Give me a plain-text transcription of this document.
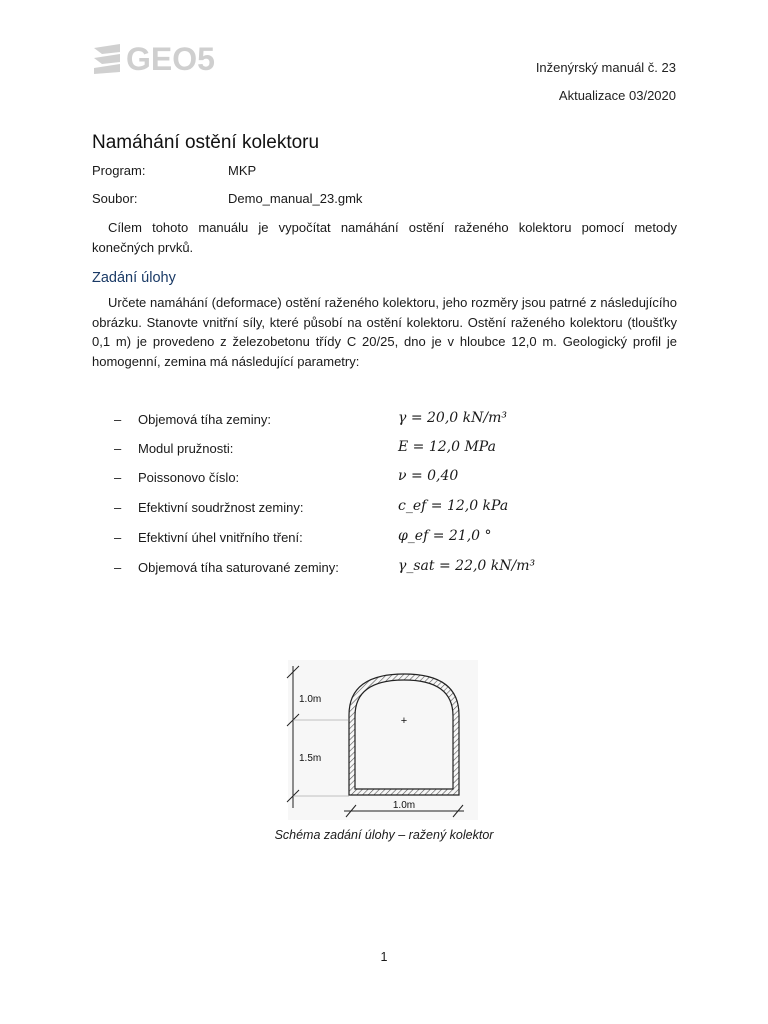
GEO5	Inženýrský manuál č. 23
Aktualizace 03/2020
Namáhání ostění kolektoru
Program:	MKP
Soubor:	Demo_manual_23.gmk
Cílem tohoto manuálu je vypočítat namáhání ostění raženého kolektoru pomocí metody konečných prvků.
Zadání úlohy
Určete namáhání (deformace) ostění raženého kolektoru, jeho rozměry jsou patrné z následujícího obrázku. Stanovte vnitřní síly, které působí na ostění kolektoru. Ostění raženého kolektoru (tloušťky 0,1 m) je provedeno z železobetonu třídy C 20/25, dno je v hloubce 12,0 m. Geologický profil je homogenní, zemina má následující parametry:
– Objemová tíha zeminy:	γ = 20,0 kN/m³
– Modul pružnosti:	E = 12,0 MPa
– Poissonovo číslo:	ν = 0,40
– Efektivní soudržnost zeminy:	c_ef = 12,0 kPa
– Efektivní úhel vnitřního tření:	φ_ef = 21,0 °
– Objemová tíha saturované zeminy:	γ_sat = 22,0 kN/m³
+
1.0m
1.5m
1.0m
Schéma zadání úlohy – ražený kolektor
1
